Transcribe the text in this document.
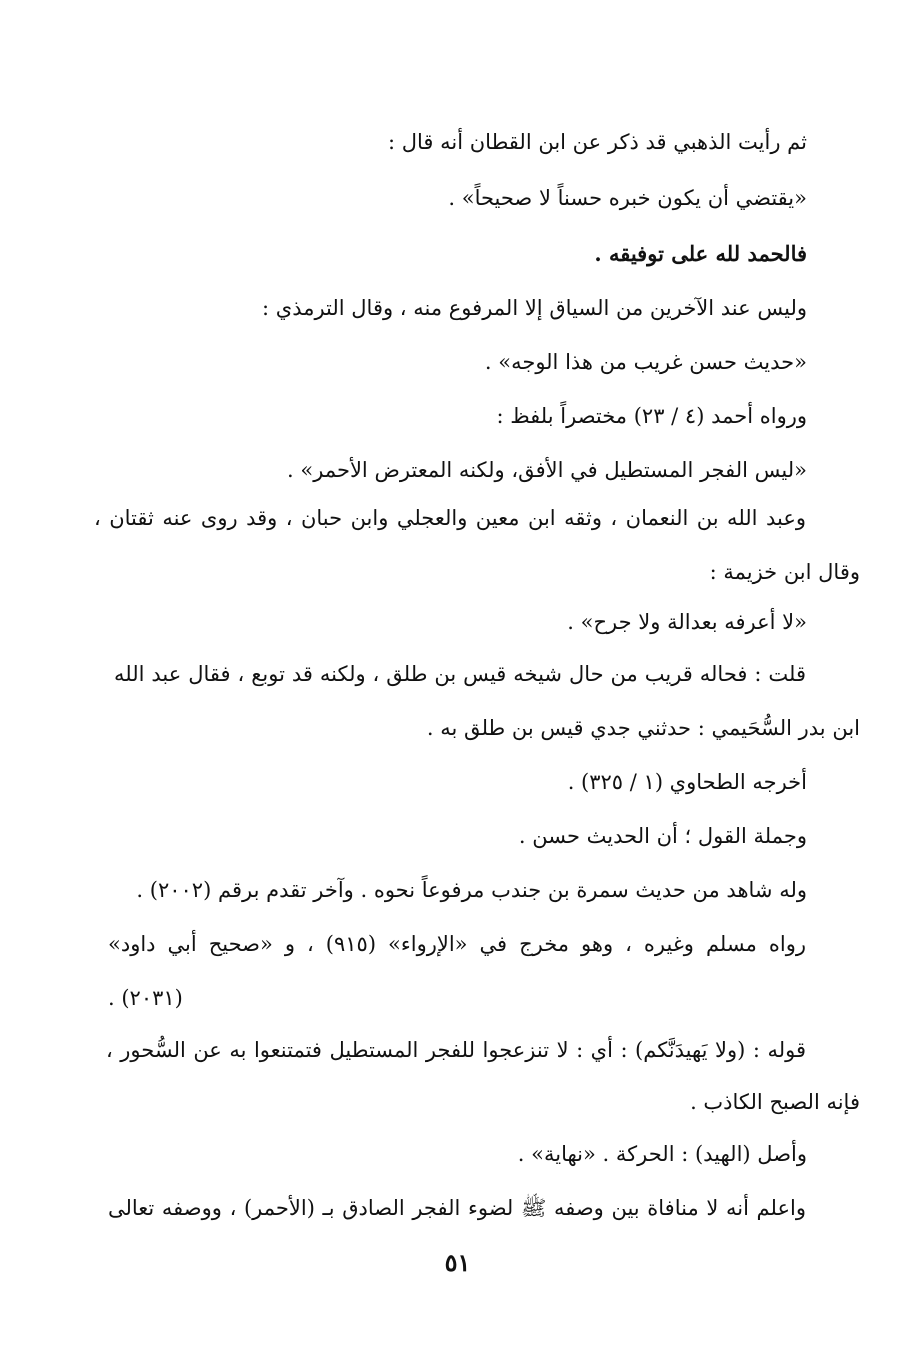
ثم رأيت الذهبي قد ذكر عن ابن القطان أنه قال :
«يقتضي أن يكون خبره حسناً لا صحيحاً» .
فالحمد لله على توفيقه .
وليس عند الآخرين من السياق إلا المرفوع منه ، وقال الترمذي :
«حديث حسن غريب من هذا الوجه» .
ورواه أحمد (٤ / ٢٣) مختصراً بلفظ :
«ليس الفجر المستطيل في الأفق، ولكنه المعترض الأحمر» .
وعبد الله بن النعمان ، وثقه ابن معين والعجلي وابن حبان ، وقد روى عنه ثقتان ،
وقال ابن خزيمة :
«لا أعرفه بعدالة ولا جرح» .
قلت : فحاله قريب من حال شيخه قيس بن طلق ، ولكنه قد توبع ، فقال عبد الله
ابن بدر السُّحَيمي : حدثني جدي قيس بن طلق به .
أخرجه الطحاوي (١ / ٣٢٥) .
وجملة القول ؛ أن الحديث حسن .
وله شاهد من حديث سمرة بن جندب مرفوعاً نحوه . وآخر تقدم برقم (٢٠٠٢) .
رواه مسلم وغيره ، وهو مخرج في «الإرواء» (٩١٥) ، و «صحيح أبي داود»
(٢٠٣١) .
قوله : (ولا يَهيدَنَّكم) : أي : لا تنزعجوا للفجر المستطيل فتمتنعوا به عن السُّحور ،
فإنه الصبح الكاذب .
وأصل (الهيد) : الحركة . «نهاية» .
واعلم أنه لا منافاة بين وصفه ﷺ لضوء الفجر الصادق بـ (الأحمر) ، ووصفه تعالى
٥١
